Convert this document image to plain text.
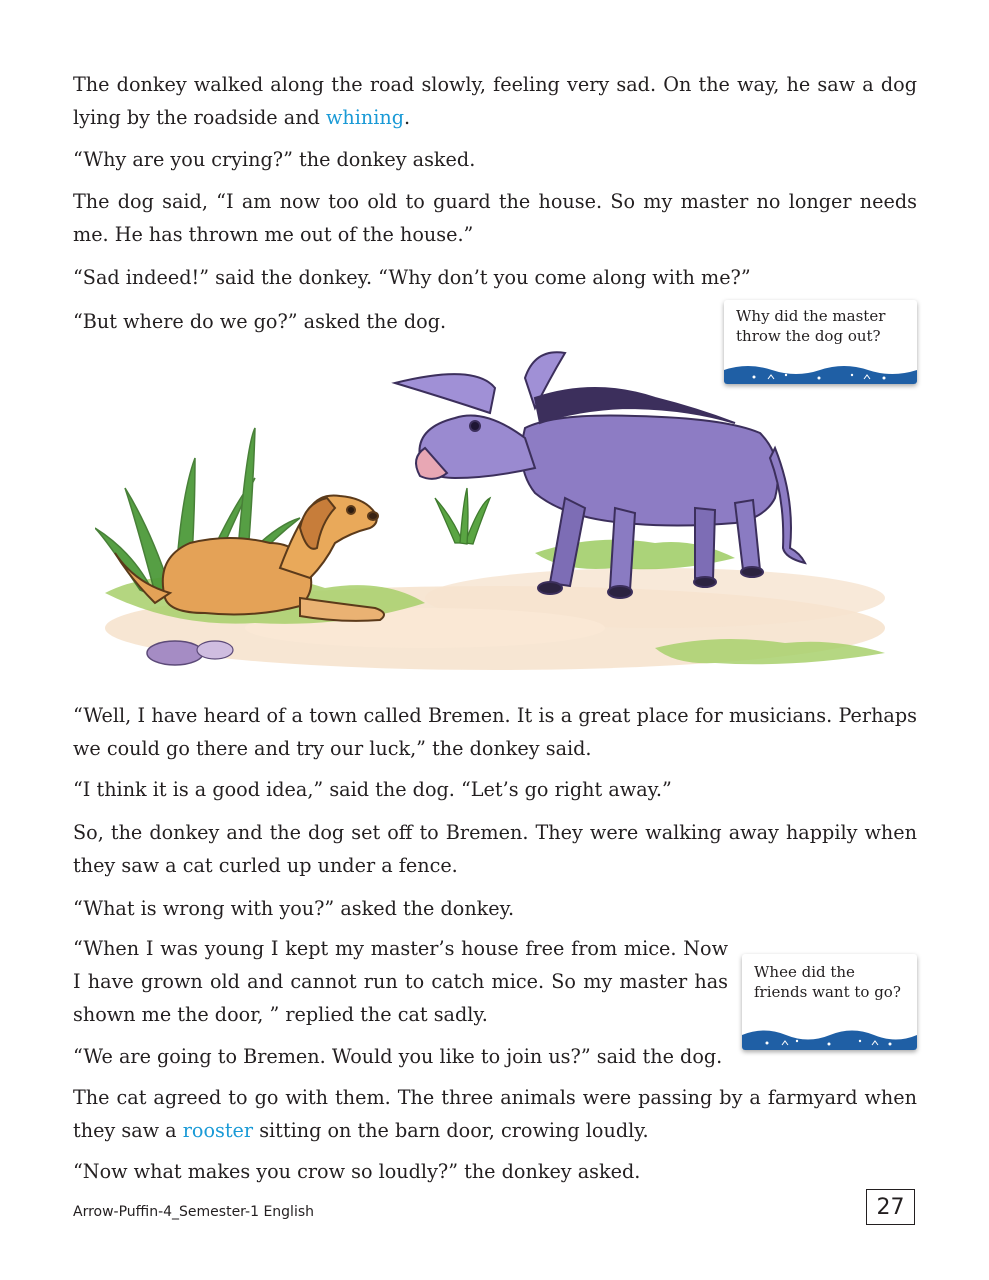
The donkey walked along the road slowly, feeling very sad. On the way, he saw a dog lying by the roadside and whining.

“Why are you crying?” the donkey asked.

The dog said, “I am now too old to guard the house. So my master no longer needs me. He has thrown me out of the house.”

“Sad indeed!” said the donkey. “Why don’t you come along with me?”

“But where do we go?” asked the dog.	Why did the master throw the dog out?

“Well, I have heard of a town called Bremen. It is a great place for musicians. Perhaps we could go there and try our luck,” the donkey said.

“I think it is a good idea,” said the dog. “Let’s go right away.”

So, the donkey and the dog set off to Bremen. They were walking away happily when they saw a cat curled up under a fence.

“What is wrong with you?” asked the donkey.

“When I was young I kept my master’s house free from mice. Now I have grown old and cannot run to catch mice. So my master has shown me the door, ” replied the cat sadly.

Whee did the friends want to go?

“We are going to Bremen. Would you like to join us?” said the dog.

The cat agreed to go with them. The three animals were passing by a farmyard when they saw a rooster sitting on the barn door, crowing loudly.

“Now what makes you crow so loudly?” the donkey asked.

Arrow-Puffin-4_Semester-1 English	27
